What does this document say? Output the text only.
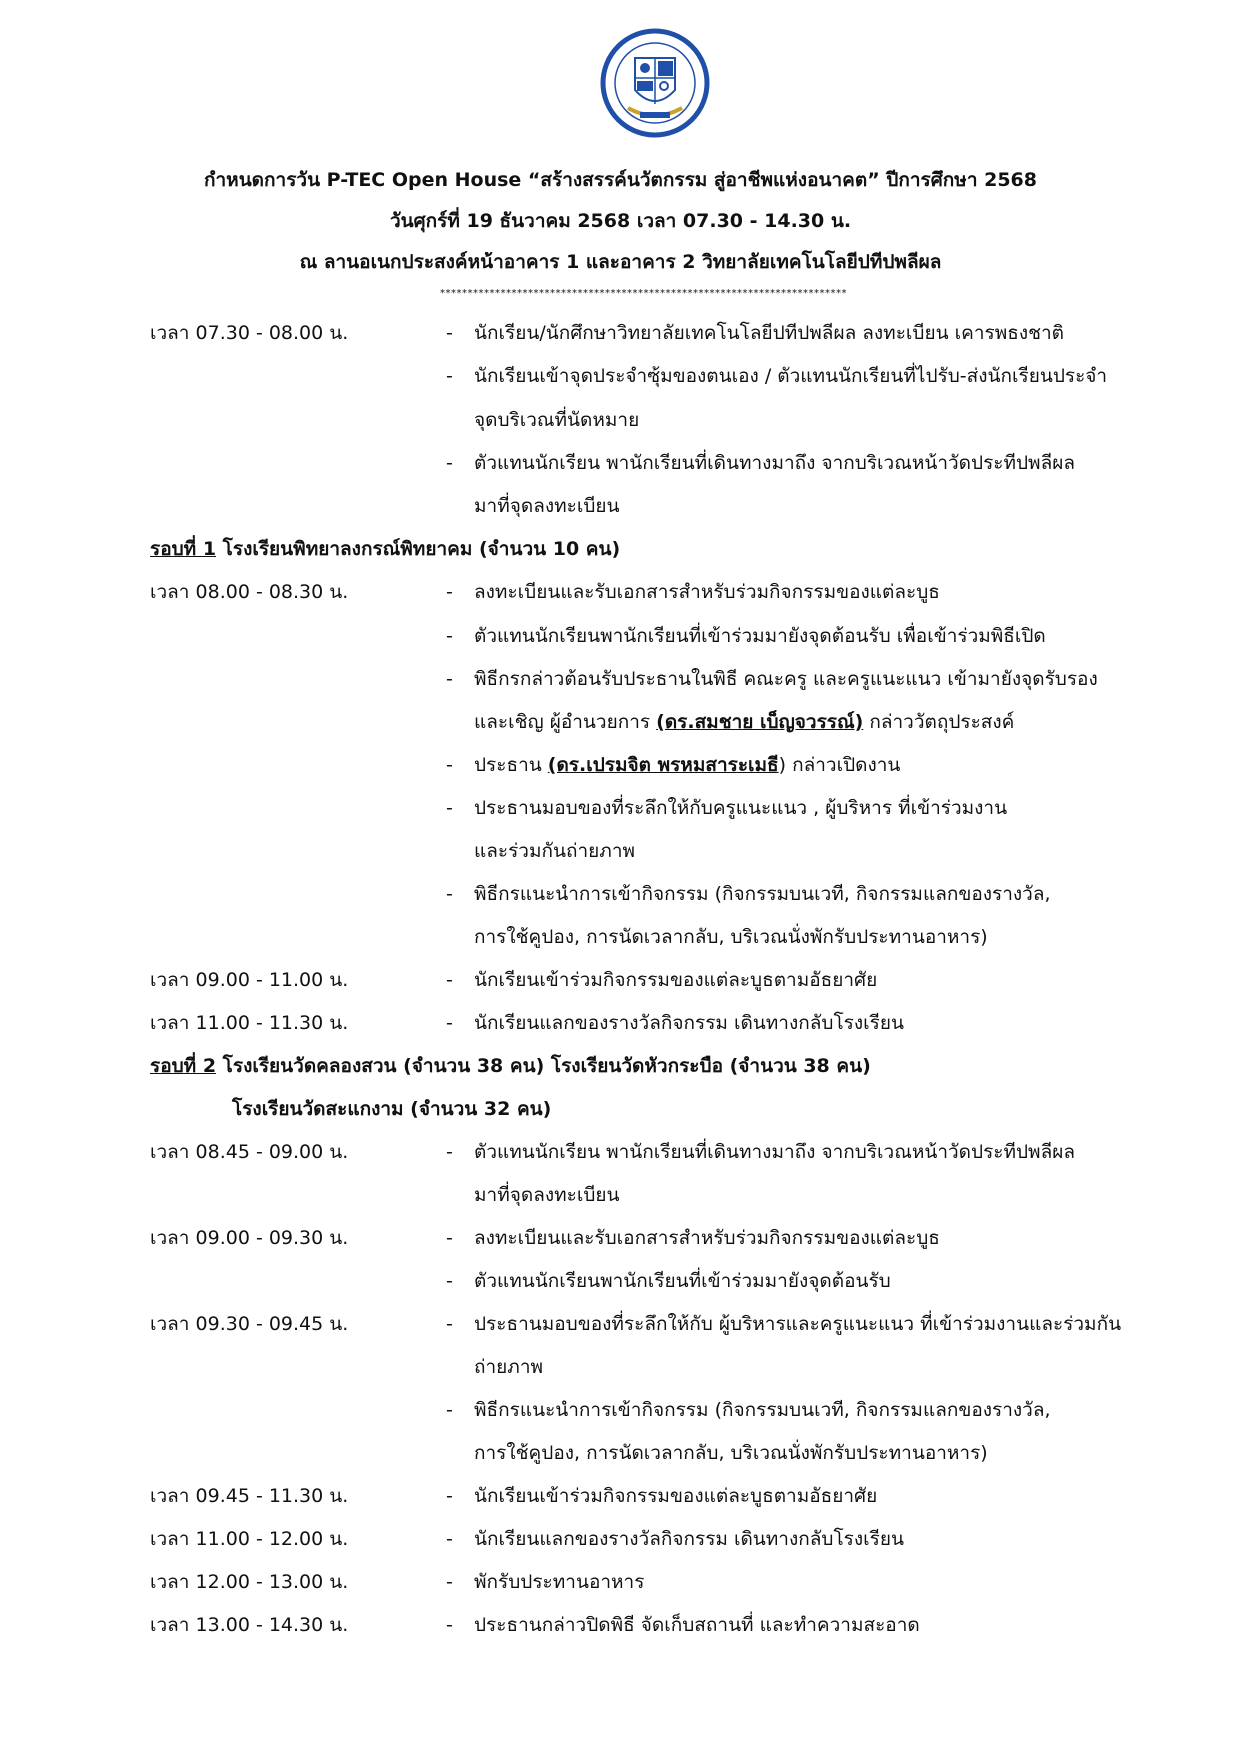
กำหนดการวัน P-TEC Open House “สร้างสรรค์นวัตกรรม สู่อาชีพแห่งอนาคต” ปีการศึกษา 2568
วันศุกร์ที่ 19 ธันวาคม 2568 เวลา 07.30 - 14.30 น.
ณ ลานอเนกประสงค์หน้าอาคาร 1 และอาคาร 2 วิทยาลัยเทคโนโลยีปทีปพลีผล
**************************************************************************
เวลา 07.30 - 08.00 น.	- นักเรียน/นักศึกษาวิทยาลัยเทคโนโลยีปทีปพลีผล ลงทะเบียน เคารพธงชาติ
- นักเรียนเข้าจุดประจำซุ้มของตนเอง / ตัวแทนนักเรียนที่ไปรับ-ส่งนักเรียนประจำ
จุดบริเวณที่นัดหมาย
- ตัวแทนนักเรียน พานักเรียนที่เดินทางมาถึง จากบริเวณหน้าวัดประทีปพลีผล
มาที่จุดลงทะเบียน
รอบที่ 1 โรงเรียนพิทยาลงกรณ์พิทยาคม (จำนวน 10 คน)
เวลา 08.00 - 08.30 น.	- ลงทะเบียนและรับเอกสารสำหรับร่วมกิจกรรมของแต่ละบูธ
- ตัวแทนนักเรียนพานักเรียนที่เข้าร่วมมายังจุดต้อนรับ เพื่อเข้าร่วมพิธีเปิด
- พิธีกรกล่าวต้อนรับประธานในพิธี คณะครู และครูแนะแนว เข้ามายังจุดรับรอง
และเชิญ ผู้อำนวยการ (ดร.สมชาย เบ็ญจวรรณ์) กล่าววัตถุประสงค์
- ประธาน (ดร.เปรมจิต พรหมสาระเมธี) กล่าวเปิดงาน
- ประธานมอบของที่ระลึกให้กับครูแนะแนว , ผู้บริหาร ที่เข้าร่วมงาน
และร่วมกันถ่ายภาพ
- พิธีกรแนะนำการเข้ากิจกรรม (กิจกรรมบนเวที, กิจกรรมแลกของรางวัล,
การใช้คูปอง, การนัดเวลากลับ, บริเวณนั่งพักรับประทานอาหาร)
เวลา 09.00 - 11.00 น.	- นักเรียนเข้าร่วมกิจกรรมของแต่ละบูธตามอัธยาศัย
เวลา 11.00 - 11.30 น.	- นักเรียนแลกของรางวัลกิจกรรม เดินทางกลับโรงเรียน
รอบที่ 2 โรงเรียนวัดคลองสวน (จำนวน 38 คน) โรงเรียนวัดหัวกระบือ (จำนวน 38 คน)
โรงเรียนวัดสะแกงาม (จำนวน 32 คน)
เวลา 08.45 - 09.00 น.	- ตัวแทนนักเรียน พานักเรียนที่เดินทางมาถึง จากบริเวณหน้าวัดประทีปพลีผล
มาที่จุดลงทะเบียน
เวลา 09.00 - 09.30 น.	- ลงทะเบียนและรับเอกสารสำหรับร่วมกิจกรรมของแต่ละบูธ
- ตัวแทนนักเรียนพานักเรียนที่เข้าร่วมมายังจุดต้อนรับ
เวลา 09.30 - 09.45 น.	- ประธานมอบของที่ระลึกให้กับ ผู้บริหารและครูแนะแนว ที่เข้าร่วมงานและร่วมกัน
ถ่ายภาพ
- พิธีกรแนะนำการเข้ากิจกรรม (กิจกรรมบนเวที, กิจกรรมแลกของรางวัล,
การใช้คูปอง, การนัดเวลากลับ, บริเวณนั่งพักรับประทานอาหาร)
เวลา 09.45 - 11.30 น.	- นักเรียนเข้าร่วมกิจกรรมของแต่ละบูธตามอัธยาศัย
เวลา 11.00 - 12.00 น.	- นักเรียนแลกของรางวัลกิจกรรม เดินทางกลับโรงเรียน
เวลา 12.00 - 13.00 น.	- พักรับประทานอาหาร
เวลา 13.00 - 14.30 น.	- ประธานกล่าวปิดพิธี จัดเก็บสถานที่ และทำความสะอาด
